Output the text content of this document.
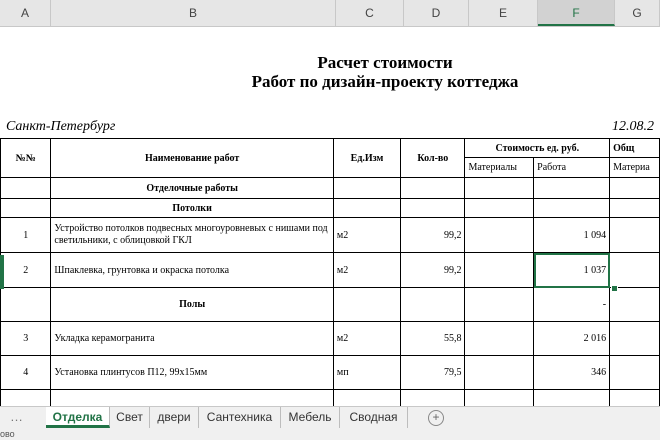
A	B	C	D	E	F	G
Расчет стоимости
Работ по дизайн-проекту коттеджа
Санкт-Петербург	12.08.2
№№	Наименование работ	Ед.Изм	Кол-во	Стоимость ед. руб.		Общ
				Материалы	Работа	Материа
	Отделочные работы					
	Потолки					
1	Устройство потолков подвесных многоуровневых с нишами под светильники, с облицовкой ГКЛ	м2	99,2		1 094	
2	Шпаклевка, грунтовка и окраска потолка	м2	99,2		1 037	
	Полы				-	
3	Укладка керамогранита	м2	55,8		2 016	
4	Установка плинтусов П12, 99х15мм	мп	79,5		346	

…	Отделка	Свет	двери	Сантехника	Мебель	Сводная	+
ово
